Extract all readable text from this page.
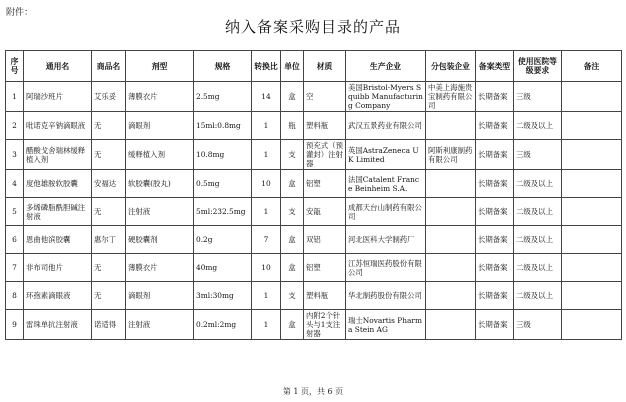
附件：
纳入备案采购目录的产品
序号	通用名	商品名	剂型	规格	转换比	单位	材质	生产企业	分包装企业	备案类型	使用医院等级要求	备注
1	阿瑞沙班片	艾乐妥	薄膜衣片	2.5mg	14	盒	空	美国Bristol-Myers Squibb Manufacturing Company	中美上海施贵宝制药有限公司	长期备案	三级	
2	吡诺克辛钠滴眼液	无	滴眼剂	15ml:0.8mg	1	瓶	塑料瓶	武汉五景药业有限公司		长期备案	二级及以上	
3	醋酸戈舍瑞林缓释植入剂	无	缓释植入剂	10.8mg	1	支	预充式（预灌封）注射器	英国AstraZeneca UK Limited	阿斯利康制药有限公司	长期备案	三级	
4	度他雄胺软胶囊	安福达	软胶囊(胶丸)	0.5mg	10	盒	铝塑	法国Catalent France Beinheim S.A.		长期备案	二级及以上	
5	多烯磷脂酰胆碱注射液	无	注射液	5ml:232.5mg	1	支	安瓿	成都天台山制药有限公司		长期备案	二级及以上	
6	恩曲他滨胶囊	惠尔丁	硬胶囊剂	0.2g	7	盒	双铝	河北医科大学制药厂		长期备案	二级及以上	
7	非布司他片	无	薄膜衣片	40mg	10	盒	铝塑	江苏恒瑞医药股份有限公司		长期备案	二级及以上	
8	环孢素滴眼液	无	滴眼剂	3ml:30mg	1	支	塑料瓶	华北制药股份有限公司		长期备案	二级及以上	
9	雷珠单抗注射液	诺适得	注射液	0.2ml:2mg	1	盒	内附2个针头与1支注射器	瑞士Novartis Pharma Stein AG		长期备案	三级	
第 1 页，共 6 页
